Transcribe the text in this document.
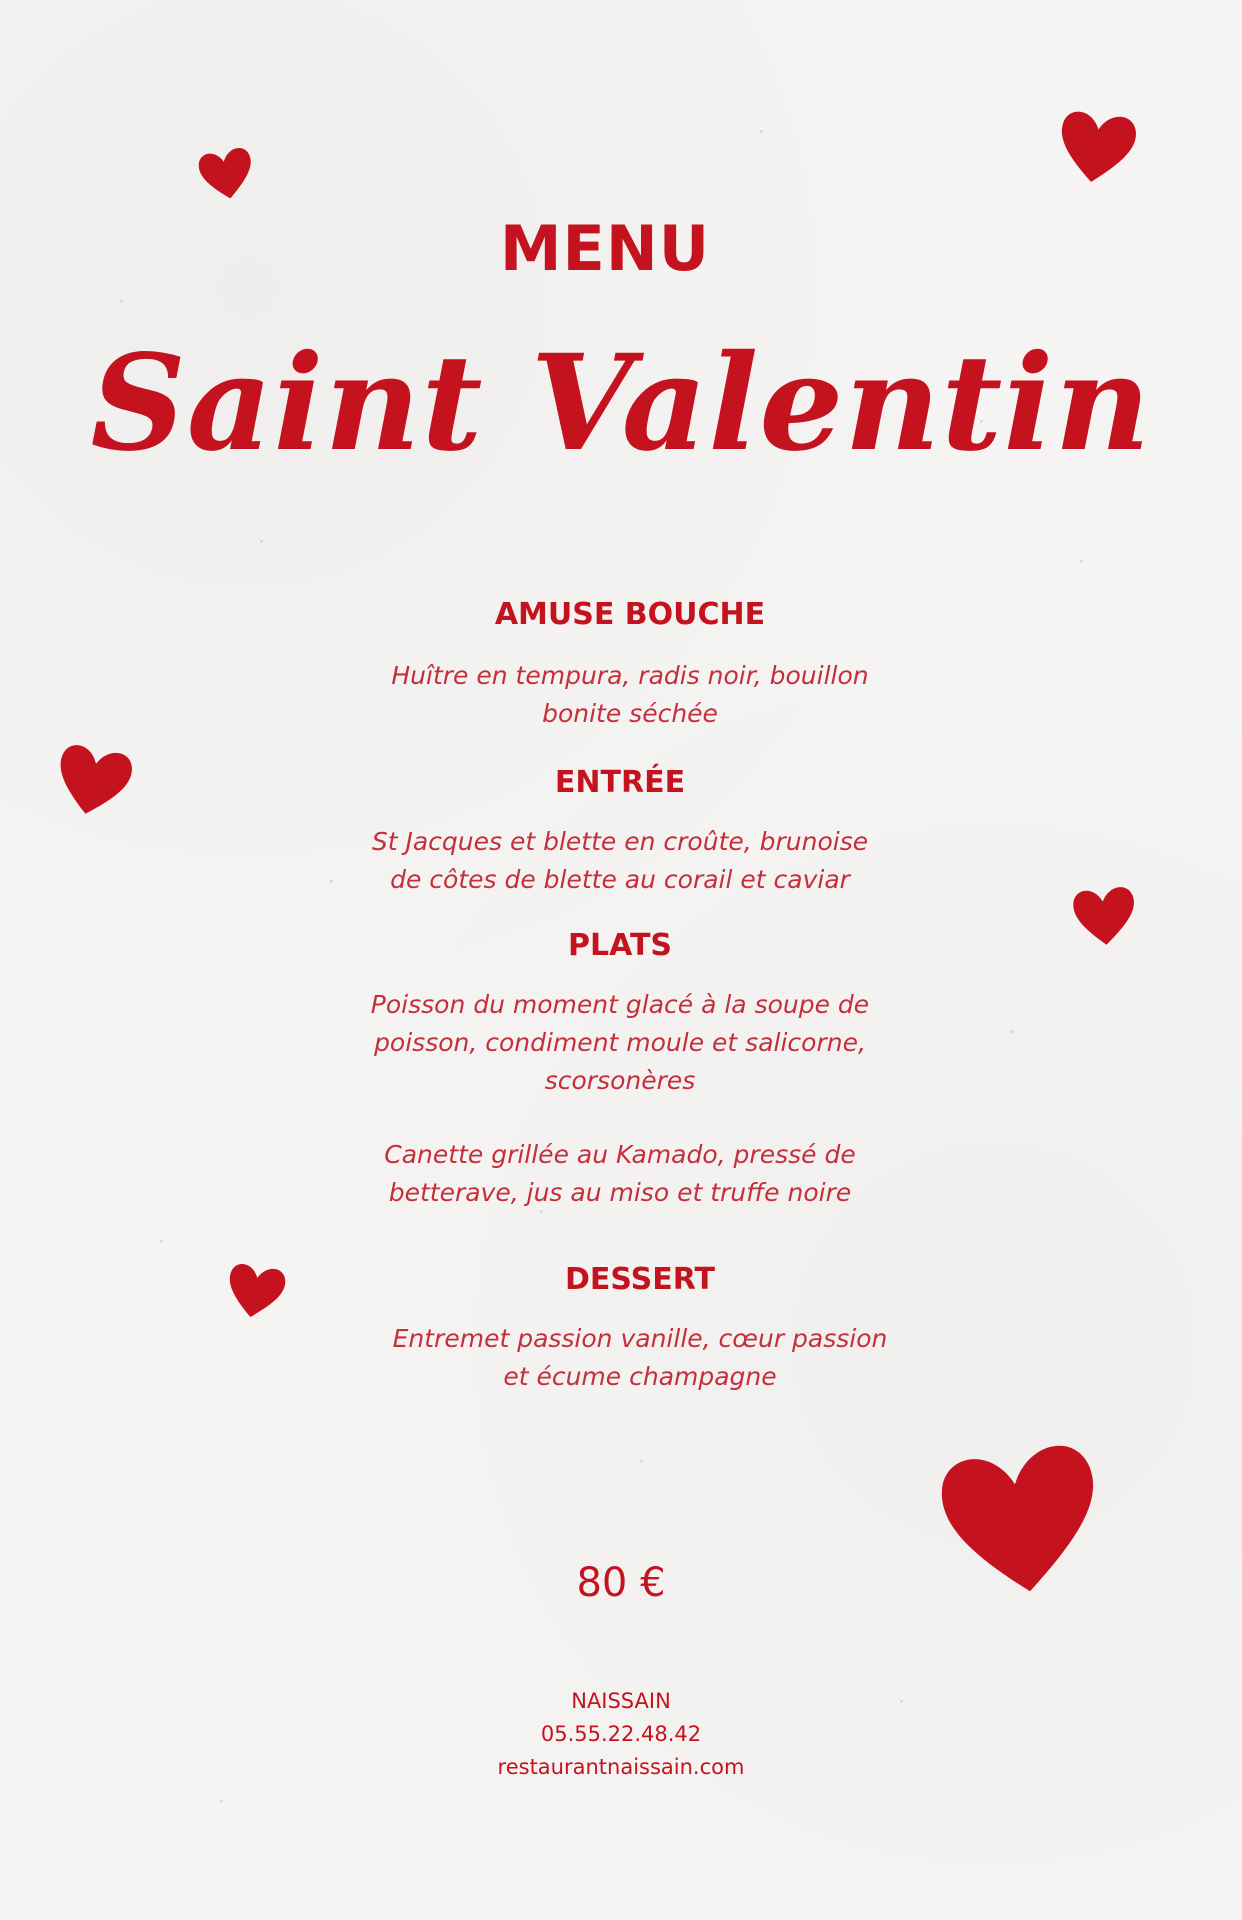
MENU
Saint Valentin

AMUSE BOUCHE

Huître en tempura, radis noir, bouillon

bonite séchée

ENTRÉE

St Jacques et blette en croûte, brunoise

de côtes de blette au corail et caviar

PLATS

Poisson du moment glacé à la soupe de

poisson, condiment moule et salicorne,

scorsonères

Canette grillée au Kamado, pressé de

betterave, jus au miso et truffe noire

DESSERT

Entremet passion vanille, cœur passion

et écume champagne

80 €

NAISSAIN
05.55.22.48.42
restaurantnaissain.com
